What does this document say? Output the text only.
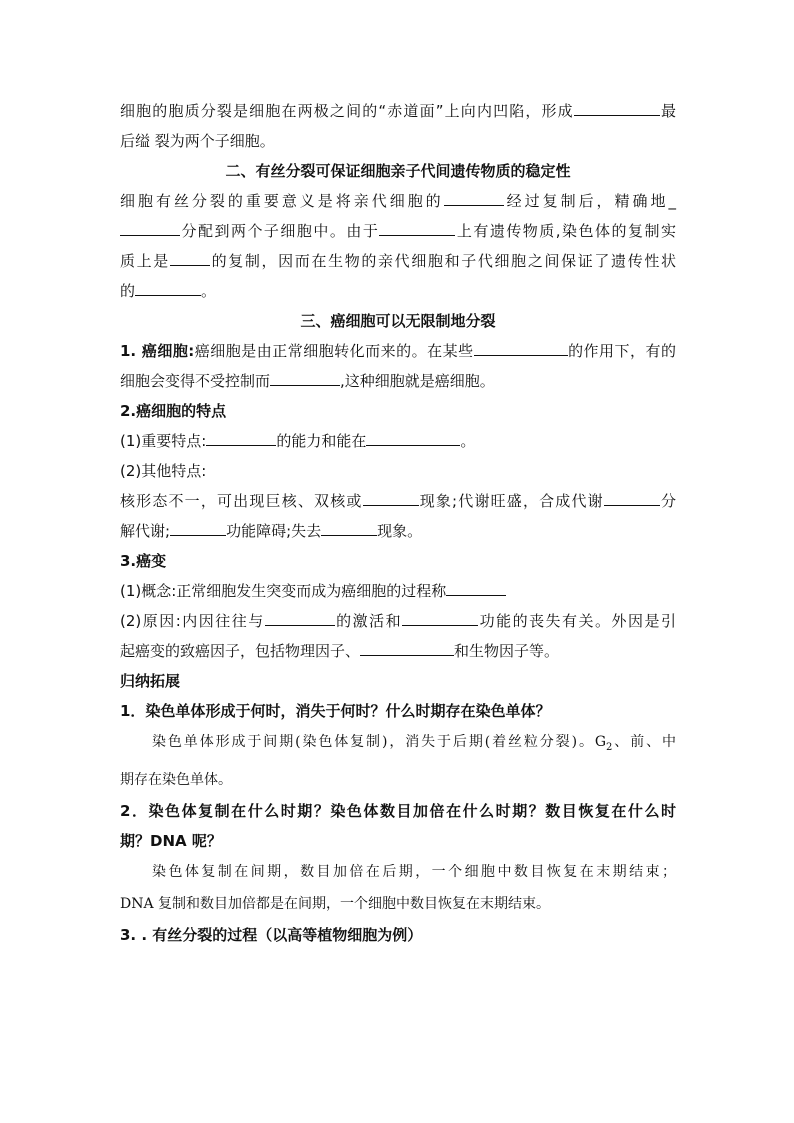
细胞的胞质分裂是细胞在两极之间的“赤道面”上向内凹陷，形成	最

后缢 裂为两个子细胞。

二、有丝分裂可保证细胞亲子代间遗传物质的稳定性

细胞有丝分裂的重要意义是将亲代细胞的	经过复制后，精确地_

分配到两个子细胞中。由于	上有遗传物质,染色体的复制实

质上是	的复制，因而在生物的亲代细胞和子代细胞之间保证了遗传性状

的	。

三、癌细胞可以无限制地分裂

1. 癌细胞:癌细胞是由正常细胞转化而来的。在某些	的作用下，有的

细胞会变得不受控制而	,这种细胞就是癌细胞。

2.癌细胞的特点

(1)重要特点:	的能力和能在	。

(2)其他特点:

核形态不一，可出现巨核、双核或	现象;代谢旺盛，合成代谢	分

解代谢;	功能障碍;失去	现象。

3.癌变

(1)概念:正常细胞发生突变而成为癌细胞的过程称

(2)原因:内因往往与	的激活和	功能的丧失有关。外因是引

起癌变的致癌因子，包括物理因子、	和生物因子等。

归纳拓展

1．染色单体形成于何时，消失于何时？什么时期存在染色单体？

染色单体形成于间期(染色体复制)，消失于后期(着丝粒分裂)。$G_2$、前、中

期存在染色单体。

2．染色体复制在什么时期？染色体数目加倍在什么时期？数目恢复在什么时

期？DNA 呢？

染色体复制在间期，数目加倍在后期，一个细胞中数目恢复在末期结束；

DNA 复制和数目加倍都是在间期，一个细胞中数目恢复在末期结束。

3. . 有丝分裂的过程（以高等植物细胞为例）
